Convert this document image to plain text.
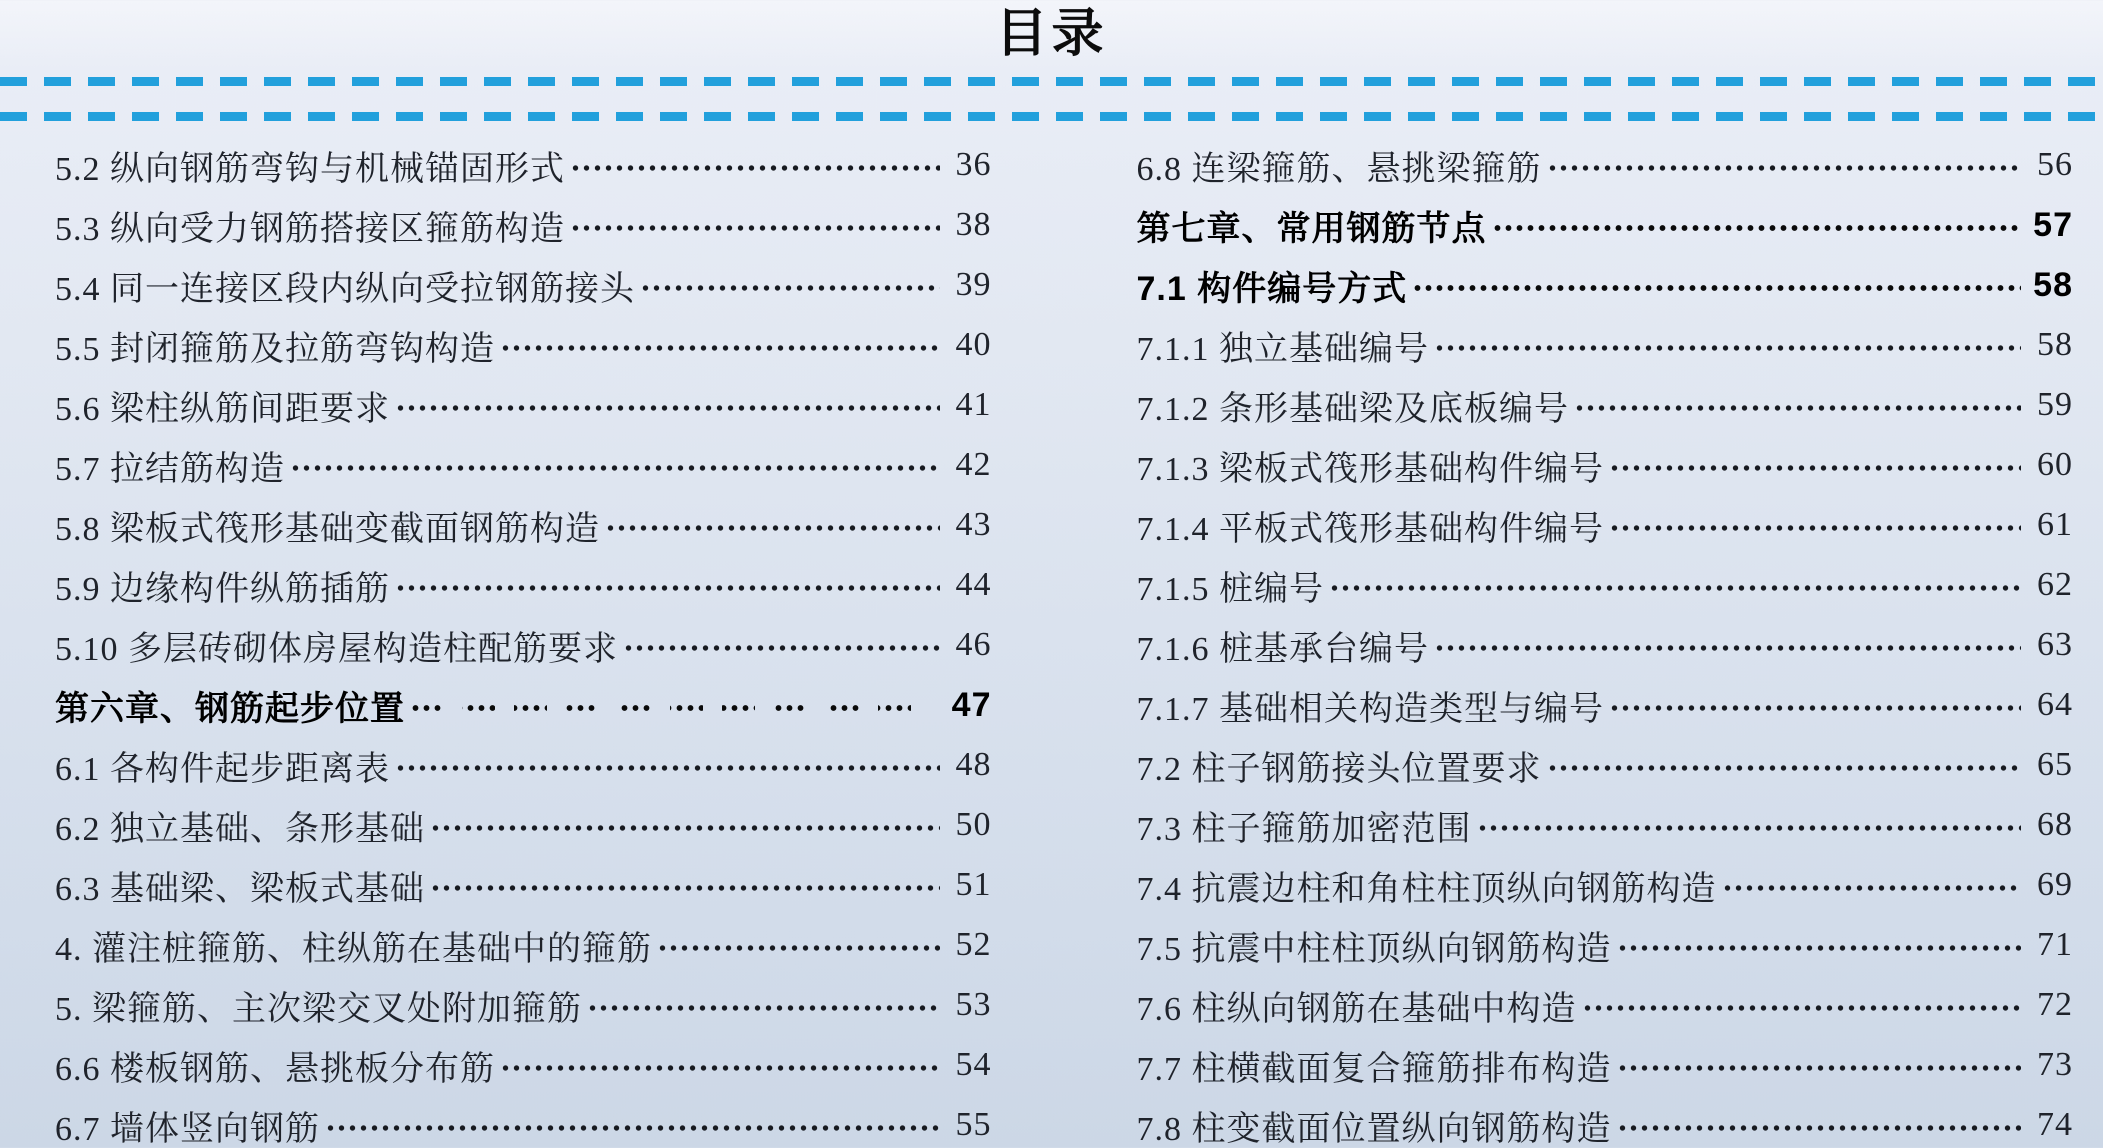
目录
5.2 纵向钢筋弯钩与机械锚固形式	36
5.3 纵向受力钢筋搭接区箍筋构造	38
5.4 同一连接区段内纵向受拉钢筋接头	39
5.5 封闭箍筋及拉筋弯钩构造	40
5.6 梁柱纵筋间距要求	41
5.7 拉结筋构造	42
5.8 梁板式筏形基础变截面钢筋构造	43
5.9 边缘构件纵筋插筋	44
5.10 多层砖砌体房屋构造柱配筋要求	46
第六章、钢筋起步位置	47
6.1 各构件起步距离表	48
6.2 独立基础、条形基础	50
6.3 基础梁、梁板式基础	51
4. 灌注桩箍筋、柱纵筋在基础中的箍筋	52
5. 梁箍筋、主次梁交叉处附加箍筋	53
6.6 楼板钢筋、悬挑板分布筋	54
6.7 墙体竖向钢筋	55
6.8 连梁箍筋、悬挑梁箍筋	56
第七章、常用钢筋节点	57
7.1 构件编号方式	58
7.1.1 独立基础编号	58
7.1.2 条形基础梁及底板编号	59
7.1.3 梁板式筏形基础构件编号	60
7.1.4 平板式筏形基础构件编号	61
7.1.5 桩编号	62
7.1.6 桩基承台编号	63
7.1.7 基础相关构造类型与编号	64
7.2 柱子钢筋接头位置要求	65
7.3 柱子箍筋加密范围	68
7.4 抗震边柱和角柱柱顶纵向钢筋构造	69
7.5 抗震中柱柱顶纵向钢筋构造	71
7.6 柱纵向钢筋在基础中构造	72
7.7 柱横截面复合箍筋排布构造	73
7.8 柱变截面位置纵向钢筋构造	74
